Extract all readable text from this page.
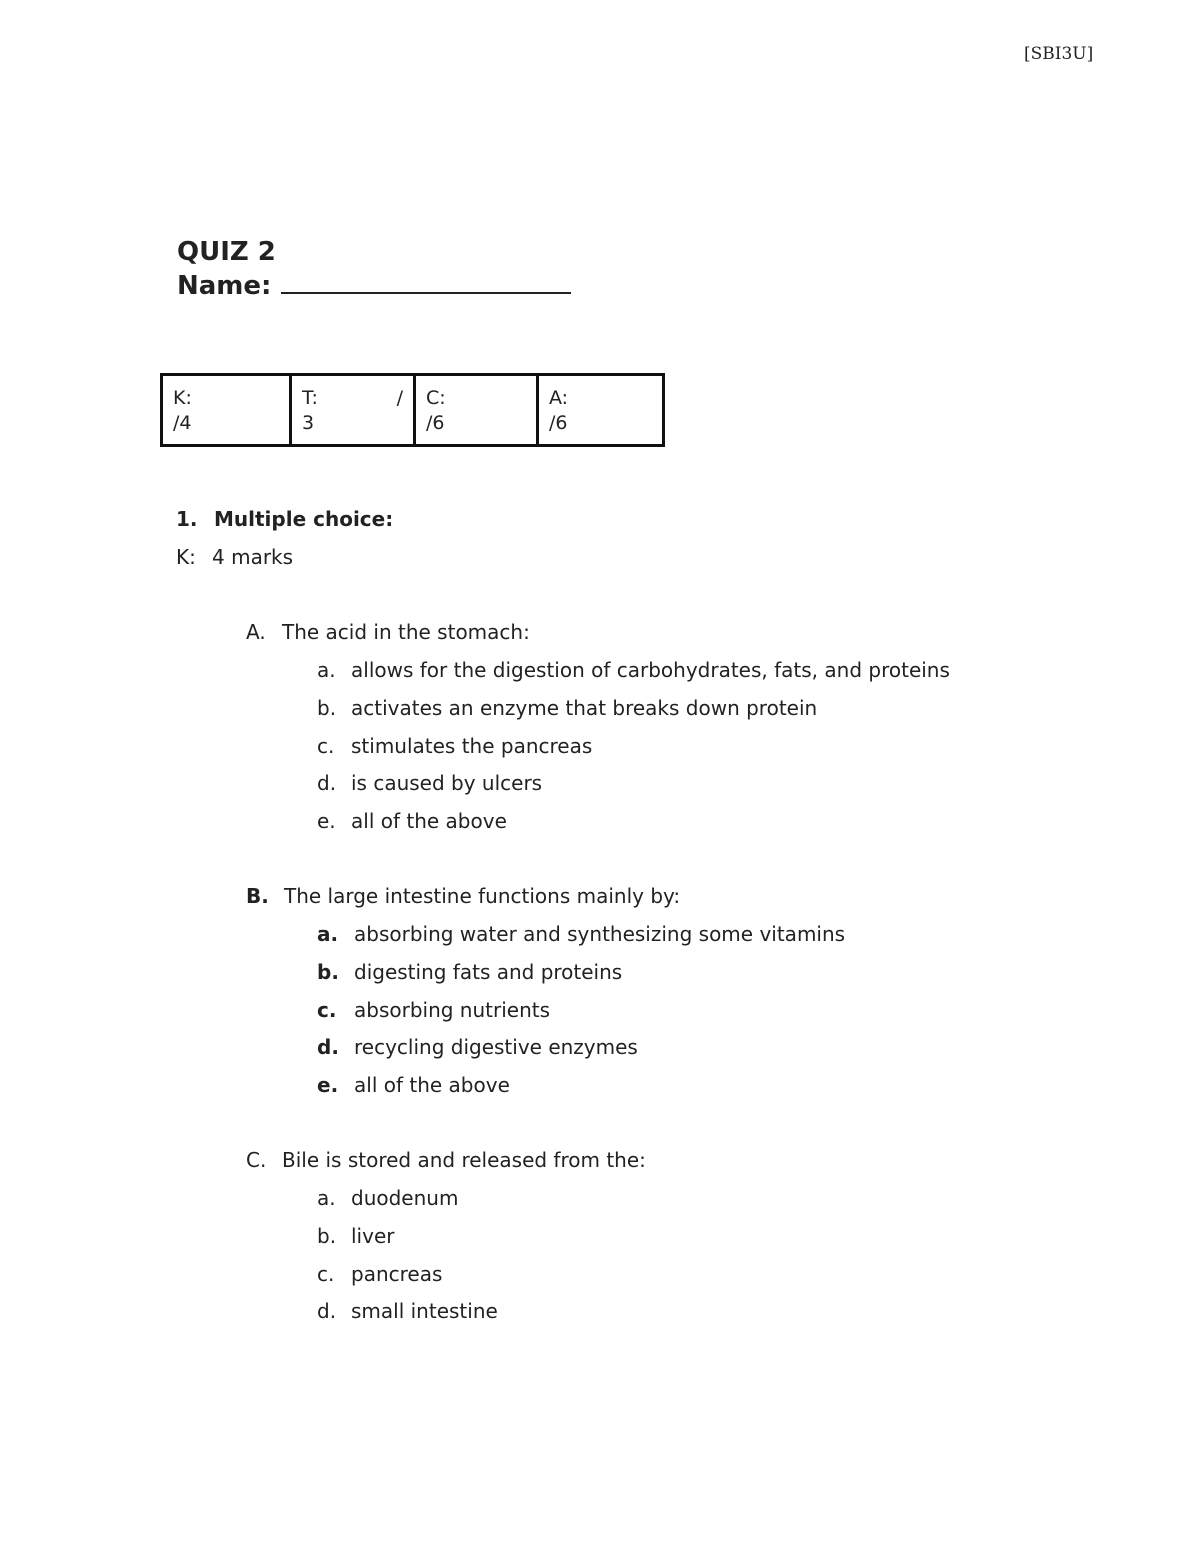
[SBI3U]
QUIZ 2
Name:
K:
/4

T:	/
3

C:
/6

A:
/6
1. Multiple choice:
K: 4 marks
A. The acid in the stomach:
a. allows for the digestion of carbohydrates, fats, and proteins
b. activates an enzyme that breaks down protein
c. stimulates the pancreas
d. is caused by ulcers
e. all of the above
B. The large intestine functions mainly by:
a. absorbing water and synthesizing some vitamins
b. digesting fats and proteins
c. absorbing nutrients
d. recycling digestive enzymes
e. all of the above
C. Bile is stored and released from the:
a. duodenum
b. liver
c. pancreas
d. small intestine
